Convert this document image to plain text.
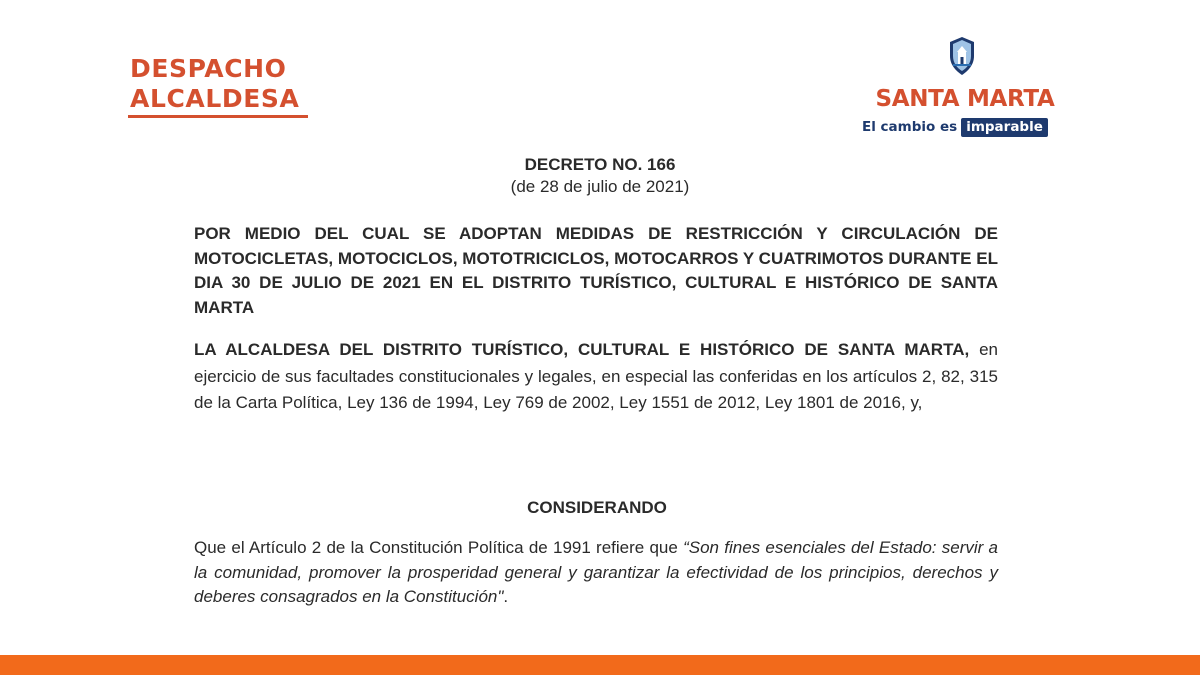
DESPACHO
ALCALDESA	SANTA MARTA
El cambio es imparable
DECRETO NO. 166
(de 28 de julio de 2021)
POR MEDIO DEL CUAL SE ADOPTAN MEDIDAS DE RESTRICCIÓN Y CIRCULACIÓN DE MOTOCICLETAS, MOTOCICLOS, MOTOTRICICLOS, MOTOCARROS Y CUATRIMOTOS DURANTE EL DIA 30 DE JULIO DE 2021 EN EL DISTRITO TURÍSTICO, CULTURAL E HISTÓRICO DE SANTA MARTA
LA ALCALDESA DEL DISTRITO TURÍSTICO, CULTURAL E HISTÓRICO DE SANTA MARTA, en ejercicio de sus facultades constitucionales y legales, en especial las conferidas en los artículos 2, 82, 315 de la Carta Política, Ley 136 de 1994, Ley 769 de 2002, Ley 1551 de 2012, Ley 1801 de 2016, y,
CONSIDERANDO
Que el Artículo 2 de la Constitución Política de 1991 refiere que “Son fines esenciales del Estado: servir a la comunidad, promover la prosperidad general y garantizar la efectividad de los principios, derechos y deberes consagrados en la Constitución".
